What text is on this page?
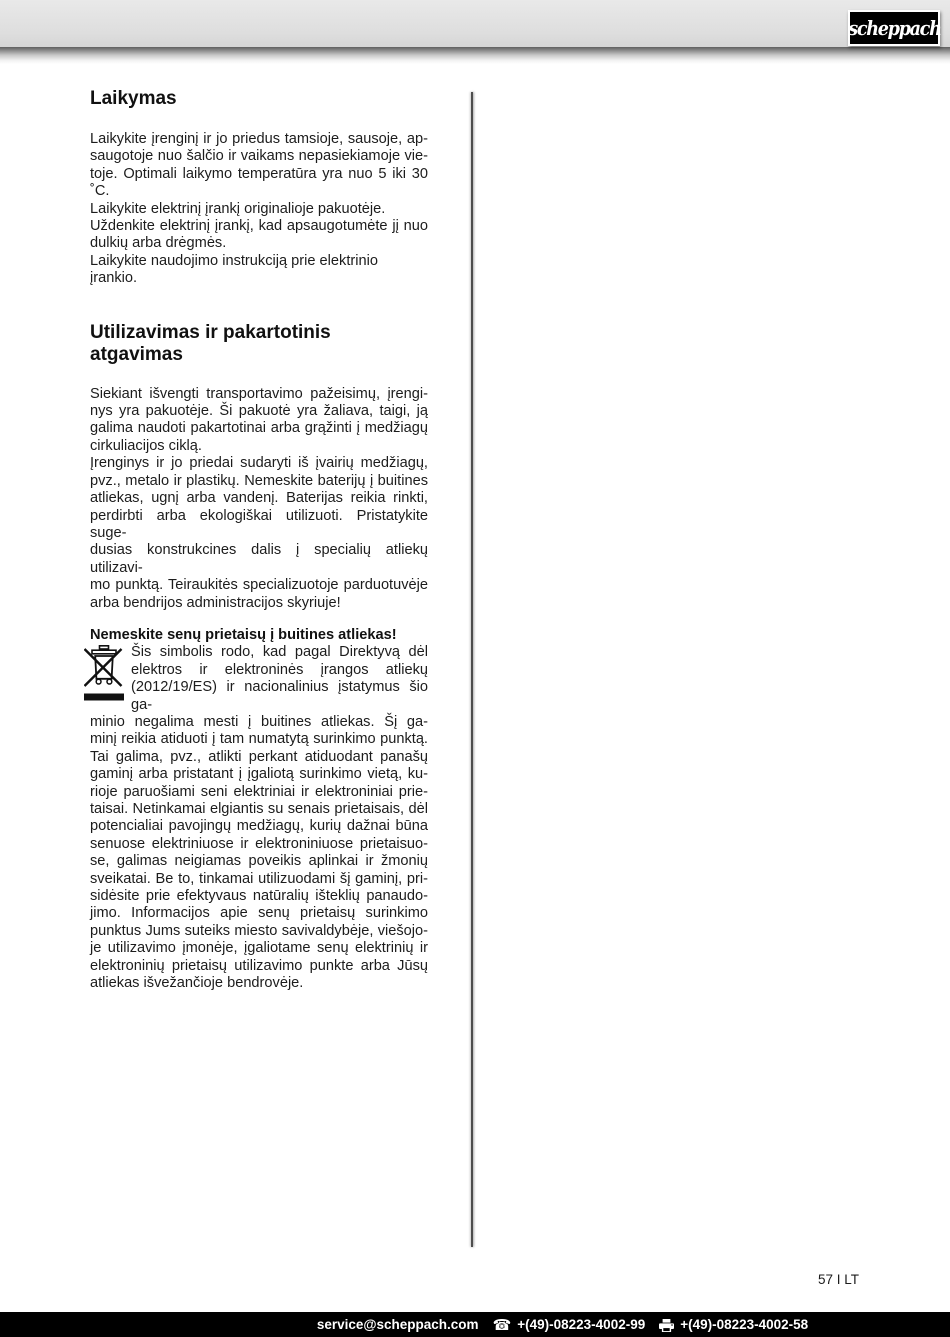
scheppach
Laikymas
Laikykite įrenginį ir jo priedus tamsioje, sausoje, ap-
saugotoje nuo šalčio ir vaikams nepasiekiamoje vie-
toje. Optimali laikymo temperatūra yra nuo 5 iki 30 ˚C.
Laikykite elektrinį įrankį originalioje pakuotėje.
Uždenkite elektrinį įrankį, kad apsaugotumėte jį nuo
dulkių arba drėgmės.
Laikykite naudojimo instrukciją prie elektrinio įrankio.
Utilizavimas ir pakartotinis atgavimas
Siekiant išvengti transportavimo pažeisimų, įrengi-
nys yra pakuotėje. Ši pakuotė yra žaliava, taigi, ją
galima naudoti pakartotinai arba grąžinti į medžiagų
cirkuliacijos ciklą.
Įrenginys ir jo priedai sudaryti iš įvairių medžiagų,
pvz., metalo ir plastikų. Nemeskite baterijų į buitines
atliekas, ugnį arba vandenį. Baterijas reikia rinkti,
perdirbti arba ekologiškai utilizuoti. Pristatykite suge-
dusias konstrukcines dalis į specialių atliekų utilizavi-
mo punktą. Teiraukitės specializuotoje parduotuvėje
arba bendrijos administracijos skyriuje!
Nemeskite senų prietaisų į buitines atliekas!
Šis simbolis rodo, kad pagal Direktyvą dėl
elektros ir elektroninės įrangos atliekų
(2012/19/ES) ir nacionalinius įstatymus šio ga-
minio negalima mesti į buitines atliekas. Šį ga-
minį reikia atiduoti į tam numatytą surinkimo punktą.
Tai galima, pvz., atlikti perkant atiduodant panašų
gaminį arba pristatant į įgaliotą surinkimo vietą, ku-
rioje paruošiami seni elektriniai ir elektroniniai prie-
taisai. Netinkamai elgiantis su senais prietaisais, dėl
potencialiai pavojingų medžiagų, kurių dažnai būna
senuose elektriniuose ir elektroniniuose prietaisuo-
se, galimas neigiamas poveikis aplinkai ir žmonių
sveikatai. Be to, tinkamai utilizuodami šį gaminį, pri-
sidėsite prie efektyvaus natūralių išteklių panaudo-
jimo. Informacijos apie senų prietaisų surinkimo
punktus Jums suteiks miesto savivaldybėje, viešojo-
je utilizavimo įmonėje, įgaliotame senų elektrinių ir
elektroninių prietaisų utilizavimo punkte arba Jūsų
atliekas išvežančioje bendrovėje.
57 I LT
service@scheppach.com ☎ +(49)-08223-4002-99	+(49)-08223-4002-58
